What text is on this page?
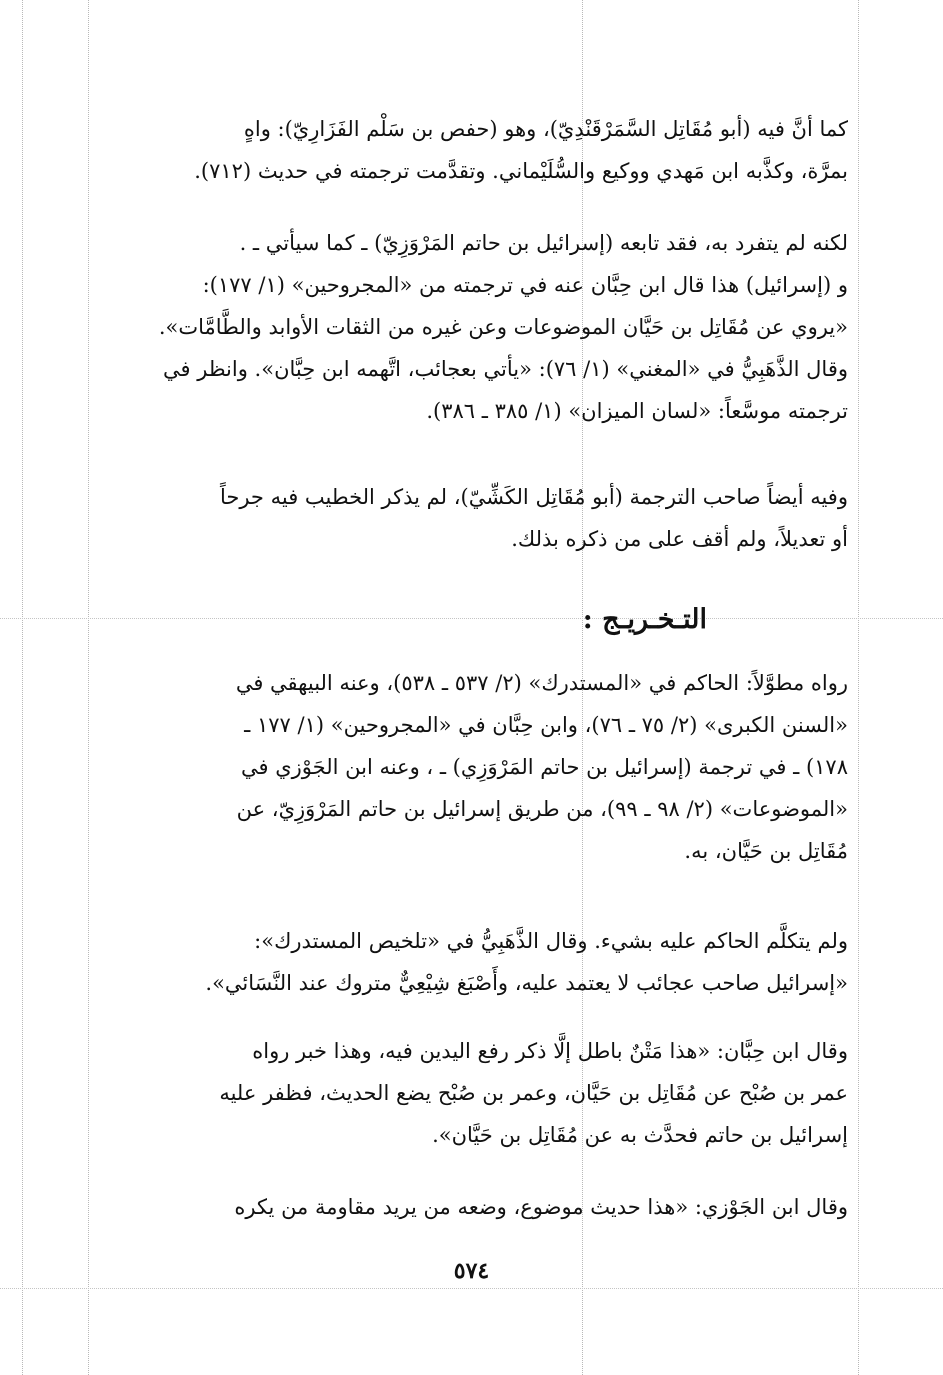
كما أنَّ فيه (أبو مُقَاتِل السَّمَرْقَنْدِيّ)، وهو (حفص بن سَلْم الفَزَارِيّ): واهٍ
بمرَّة، وكذَّبه ابن مَهدي ووكيع والسُّلَيْماني. وتقدَّمت ترجمته في حديث (٧١٢).
لكنه لم يتفرد به، فقد تابعه (إسرائيل بن حاتم المَرْوَزِيّ) ـ كما سيأتي ـ .
و (إسرائيل) هذا قال ابن حِبَّان عنه في ترجمته من «المجروحين» (١/ ١٧٧):
«يروي عن مُقَاتِل بن حَيَّان الموضوعات وعن غيره من الثقات الأوابد والطَّامَّات».
وقال الذَّهَبِيُّ في «المغني» (١/ ٧٦): «يأتي بعجائب، اتَّهمه ابن حِبَّان». وانظر في
ترجمته موسَّعاً: «لسان الميزان» (١/ ٣٨٥ ـ ٣٨٦).
وفيه أيضاً صاحب الترجمة (أبو مُقَاتِل الكَشِّيّ)، لم يذكر الخطيب فيه جرحاً
أو تعديلاً، ولم أقف على من ذكره بذلك.
التـخـريـج :
رواه مطوَّلاً: الحاكم في «المستدرك» (٢/ ٥٣٧ ـ ٥٣٨)، وعنه البيهقي في
«السنن الكبرى» (٢/ ٧٥ ـ ٧٦)، وابن حِبَّان في «المجروحين» (١/ ١٧٧ ـ
١٧٨) ـ في ترجمة (إسرائيل بن حاتم المَرْوَزِي) ـ ، وعنه ابن الجَوْزي في
«الموضوعات» (٢/ ٩٨ ـ ٩٩)، من طريق إسرائيل بن حاتم المَرْوَزِيّ، عن
مُقَاتِل بن حَيَّان، به.
ولم يتكلَّم الحاكم عليه بشيء. وقال الذَّهَبِيُّ في «تلخيص المستدرك»:
«إسرائيل صاحب عجائب لا يعتمد عليه، وأَصْبَغ شِيْعِيٌّ متروك عند النَّسَائي».
وقال ابن حِبَّان: «هذا مَتْنٌ باطل إلَّا ذكر رفع اليدين فيه، وهذا خبر رواه
عمر بن صُبْح عن مُقَاتِل بن حَيَّان، وعمر بن صُبْح يضع الحديث، فظفر عليه
إسرائيل بن حاتم فحدَّث به عن مُقَاتِل بن حَيَّان».
وقال ابن الجَوْزي: «هذا حديث موضوع، وضعه من يريد مقاومة من يكره
٥٧٤
